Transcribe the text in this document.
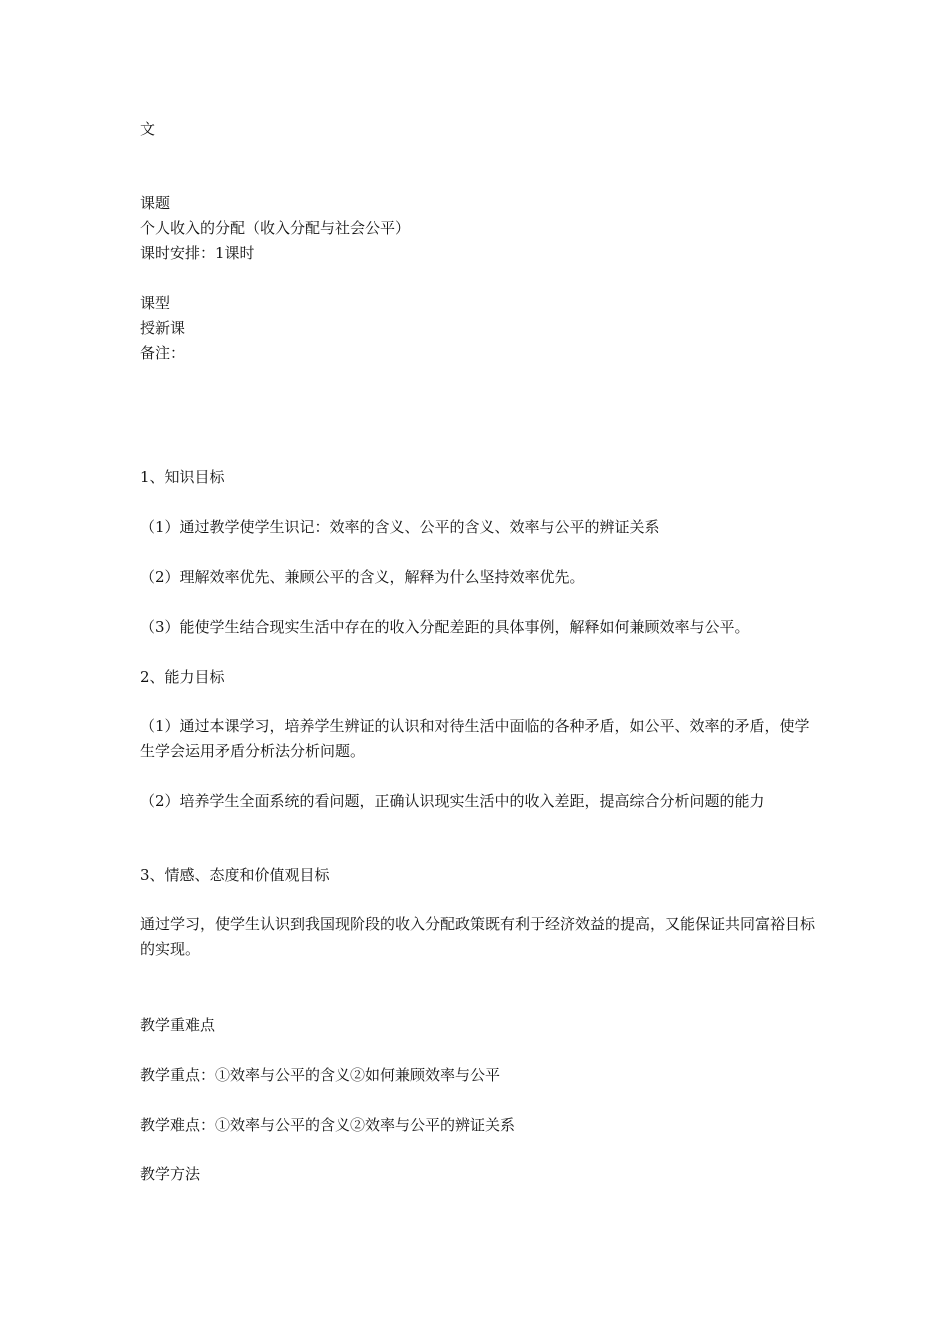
文

课题

个人收入的分配（收入分配与社会公平）

课时安排：1课时

课型

授新课

备注：

1、知识目标

（1）通过教学使学生识记：效率的含义、公平的含义、效率与公平的辨证关系

（2）理解效率优先、兼顾公平的含义，解释为什么坚持效率优先。

（3）能使学生结合现实生活中存在的收入分配差距的具体事例，解释如何兼顾效率与公平。

2、能力目标

（1）通过本课学习，培养学生辨证的认识和对待生活中面临的各种矛盾，如公平、效率的矛盾，使学生学会运用矛盾分析法分析问题。

（2）培养学生全面系统的看问题，正确认识现实生活中的收入差距，提高综合分析问题的能力

3、情感、态度和价值观目标

通过学习，使学生认识到我国现阶段的收入分配政策既有利于经济效益的提高，又能保证共同富裕目标的实现。

教学重难点

教学重点：①效率与公平的含义②如何兼顾效率与公平

教学难点：①效率与公平的含义②效率与公平的辨证关系

教学方法
